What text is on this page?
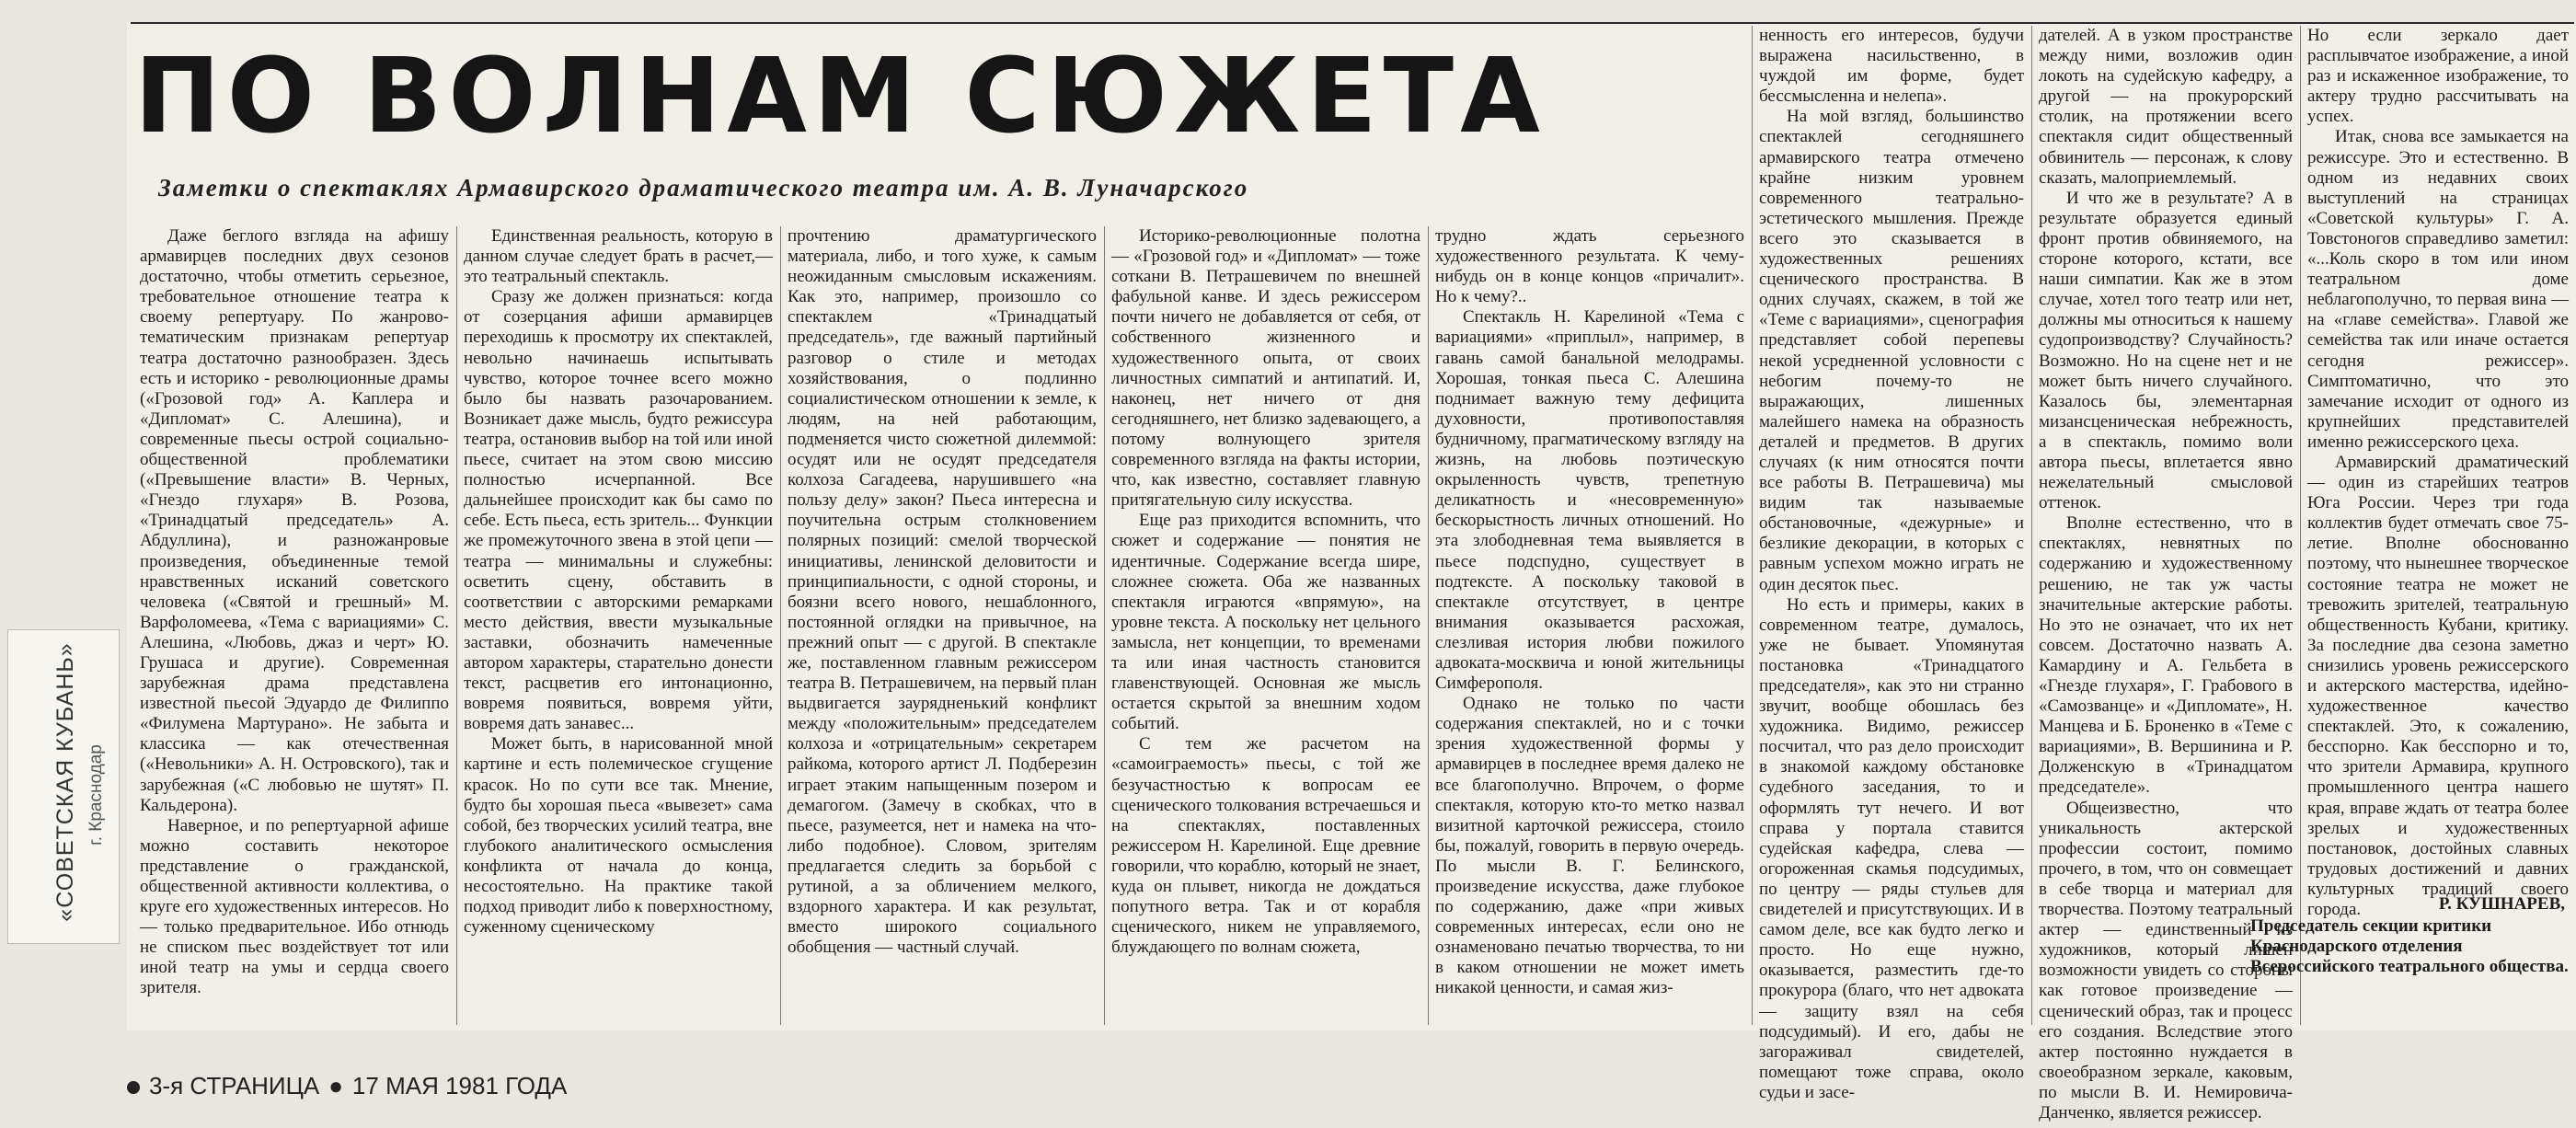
ПО ВОЛНАМ СЮЖЕТА
Заметки о спектаклях Армавирского драматического театра им. А. В. Луначарского

Даже беглого взгляда на афишу армавирцев последних двух сезонов достаточно, чтобы отметить серьезное, требовательное отношение театра к своему репертуару. По жанрово-тематическим признакам репертуар театра достаточно разнообразен. Здесь есть и историко - революционные драмы («Грозовой год» А. Каплера и «Дипломат» С. Алешина), и современные пьесы острой социально-общественной проблематики («Превышение власти» В. Черных, «Гнездо глухаря» В. Розова, «Тринадцатый председатель» А. Абдуллина), и разножанровые произведения, объединенные темой нравственных исканий советского человека («Святой и грешный» М. Варфоломеева, «Тема с вариациями» С. Алешина, «Любовь, джаз и черт» Ю. Грушаса и другие). Современная зарубежная драма представлена известной пьесой Эдуардо де Филиппо «Филумена Мартурано». Не забыта и классика — как отечественная («Невольники» А. Н. Островского), так и зарубежная («С любовью не шутят» П. Кальдерона).

Наверное, и по репертуарной афише можно составить некоторое представление о гражданской, общественной активности коллектива, о круге его художественных интересов. Но — только предварительное. Ибо отнюдь не списком пьес воздействует тот или иной театр на умы и сердца своего зрителя.

Единственная реальность, которую в данном случае следует брать в расчет,—это театральный спектакль.

Сразу же должен признаться: когда от созерцания афиши армавирцев переходишь к просмотру их спектаклей, невольно начинаешь испытывать чувство, которое точнее всего можно было бы назвать разочарованием. Возникает даже мысль, будто режиссура театра, остановив выбор на той или иной пьесе, считает на этом свою миссию полностью исчерпанной. Все дальнейшее происходит как бы само по себе. Есть пьеса, есть зритель... Функции же промежуточного звена в этой цепи — театра — минимальны и служебны: осветить сцену, обставить в соответствии с авторскими ремарками место действия, ввести музыкальные заставки, обозначить намеченные автором характеры, старательно донести текст, расцветив его интонационно, вовремя появиться, вовремя уйти, вовремя дать занавес...

Может быть, в нарисованной мной картине и есть полемическое сгущение красок. Но по сути все так. Мнение, будто бы хорошая пьеса «вывезет» сама собой, без творческих усилий театра, вне глубокого аналитического осмысления конфликта от начала до конца, несостоятельно. На практике такой подход приводит либо к поверхностному, суженному сценическому

прочтению драматургического материала, либо, и того хуже, к самым неожиданным смысловым искажениям. Как это, например, произошло со спектаклем «Тринадцатый председатель», где важный партийный разговор о стиле и методах хозяйствования, о подлинно социалистическом отношении к земле, к людям, на ней работающим, подменяется чисто сюжетной дилеммой: осудят или не осудят председателя колхоза Сагадеева, нарушившего «на пользу делу» закон? Пьеса интересна и поучительна острым столкновением полярных позиций: смелой творческой инициативы, ленинской деловитости и принципиальности, с одной стороны, и боязни всего нового, нешаблонного, постоянной оглядки на привычное, на прежний опыт — с другой. В спектакле же, поставленном главным режиссером театра В. Петрашевичем, на первый план выдвигается заурядненький конфликт между «положительным» председателем колхоза и «отрицательным» секретарем райкома, которого артист Л. Подберезин играет этаким напыщенным позером и демагогом. (Замечу в скобках, что в пьесе, разумеется, нет и намека на что-либо подобное). Словом, зрителям предлагается следить за борьбой с рутиной, а за обличением мелкого, вздорного характера. И как результат, вместо широкого социального обобщения — частный случай.

Историко-революционные полотна — «Грозовой год» и «Дипломат» — тоже соткани В. Петрашевичем по внешней фабульной канве. И здесь режиссером почти ничего не добавляется от себя, от собственного жизненного и художественного опыта, от своих личностных симпатий и антипатий. И, наконец, нет ничего от дня сегодняшнего, нет близко задевающего, а потому волнующего зрителя современного взгляда на факты истории, что, как известно, составляет главную притягательную силу искусства.

Еще раз приходится вспомнить, что сюжет и содержание — понятия не идентичные. Содержание всегда шире, сложнее сюжета. Оба же названных спектакля играются «впрямую», на уровне текста. А поскольку нет цельного замысла, нет концепции, то временами та или иная частность становится главенствующей. Основная же мысль остается скрытой за внешним ходом событий.

С тем же расчетом на «самоиграемость» пьесы, с той же безучастностью к вопросам ее сценического толкования встречаешься и на спектаклях, поставленных режиссером Н. Карелиной. Еще древние говорили, что кораблю, который не знает, куда он плывет, никогда не дождаться попутного ветра. Так и от корабля сценического, никем не управляемого, блуждающего по волнам сюжета,

трудно ждать серьезного художественного результата. К чему-нибудь он в конце концов «причалит». Но к чему?..

Спектакль Н. Карелиной «Тема с вариациями» «приплыл», например, в гавань самой банальной мелодрамы. Хорошая, тонкая пьеса С. Алешина поднимает важную тему дефицита духовности, противопоставляя будничному, прагматическому взгляду на жизнь, на любовь поэтическую окрыленность чувств, трепетную деликатность и «несовременную» бескорыстность личных отношений. Но эта злободневная тема выявляется в пьесе подспудно, существует в подтексте. А поскольку таковой в спектакле отсутствует, в центре внимания оказывается расхожая, слезливая история любви пожилого адвоката-москвича и юной жительницы Симферополя.

Однако не только по части содержания спектаклей, но и с точки зрения художественной формы у армавирцев в последнее время далеко не все благополучно. Впрочем, о форме спектакля, которую кто-то метко назвал визитной карточкой режиссера, стоило бы, пожалуй, говорить в первую очередь. По мысли В. Г. Белинского, произведение искусства, даже глубокое по содержанию, даже «при живых современных интересах, если оно не ознаменовано печатью творчества, то ни в каком отношении не может иметь никакой ценности, и самая жиз-

ненность его интересов, будучи выражена насильственно, в чуждой им форме, будет бессмысленна и нелепа».

На мой взгляд, большинство спектаклей сегодняшнего армавирского театра отмечено крайне низким уровнем современного театрально-эстетического мышления. Прежде всего это сказывается в художественных решениях сценического пространства. В одних случаях, скажем, в той же «Теме с вариациями», сценография представляет собой перепевы некой усредненной условности с небогим почему-то не выражающих, лишенных малейшего намека на образность деталей и предметов. В других случаях (к ним относятся почти все работы В. Петрашевича) мы видим так называемые обстановочные, «дежурные» и безликие декорации, в которых с равным успехом можно играть не один десяток пьес.

Но есть и примеры, каких в современном театре, думалось, уже не бывает. Упомянутая постановка «Тринадцатого председателя», как это ни странно звучит, вообще обошлась без художника. Видимо, режиссер посчитал, что раз дело происходит в знакомой каждому обстановке судебного заседания, то и оформлять тут нечего. И вот справа у портала ставится судейская кафедра, слева — огороженная скамья подсудимых, по центру — ряды стульев для свидетелей и присутствующих. И в самом деле, все как будто легко и просто. Но еще нужно, оказывается, разместить где-то прокурора (благо, что нет адвоката — защиту взял на себя подсудимый). И его, дабы не загораживал свидетелей, помещают тоже справа, около судьи и засе-

дателей. А в узком пространстве между ними, возложив один локоть на судейскую кафедру, а другой — на прокурорский столик, на протяжении всего спектакля сидит общественный обвинитель — персонаж, к слову сказать, малоприемлемый.

И что же в результате? А в результате образуется единый фронт против обвиняемого, на стороне которого, кстати, все наши симпатии. Как же в этом случае, хотел того театр или нет, должны мы относиться к нашему судопроизводству? Случайность? Возможно. Но на сцене нет и не может быть ничего случайного. Казалось бы, элементарная мизансценическая небрежность, а в спектакль, помимо воли автора пьесы, вплетается явно нежелательный смысловой оттенок.

Вполне естественно, что в спектаклях, невнятных по содержанию и художественному решению, не так уж часты значительные актерские работы. Но это не означает, что их нет совсем. Достаточно назвать А. Камардину и А. Гельбета в «Гнезде глухаря», Г. Грабового в «Самозванце» и «Дипломате», Н. Манцева и Б. Броненко в «Теме с вариациями», В. Вершинина и Р. Долженскую в «Тринадцатом председателе».

Общеизвестно, что уникальность актерской профессии состоит, помимо прочего, в том, что он совмещает в себе творца и материал для творчества. Поэтому театральный актер — единственный из художников, который лишен возможности увидеть со стороны как готовое произведение — сценический образ, так и процесс его создания. Вследствие этого актер постоянно нуждается в своеобразном зеркале, каковым, по мысли В. И. Немировича-Данченко, является режиссер.

Но если зеркало дает расплывчатое изображение, а иной раз и искаженное изображение, то актеру трудно рассчитывать на успех.

Итак, снова все замыкается на режиссуре. Это и естественно. В одном из недавних своих выступлений на страницах «Советской культуры» Г. А. Товстоногов справедливо заметил: «...Коль скоро в том или ином театральном доме неблагополучно, то первая вина — на «главе семейства». Главой же семейства так или иначе остается сегодня режиссер». Симптоматично, что это замечание исходит от одного из крупнейших представителей именно режиссерского цеха.

Армавирский драматический — один из старейших театров Юга России. Через три года коллектив будет отмечать свое 75-летие. Вполне обоснованно поэтому, что нынешнее творческое состояние театра не может не тревожить зрителей, театральную общественность Кубани, критику. За последние два сезона заметно снизились уровень режиссерского и актерского мастерства, идейно-художественное качество спектаклей. Это, к сожалению, бесспорно. Как бесспорно и то, что зрители Армавира, крупного промышленного центра нашего края, вправе ждать от театра более зрелых и художественных постановок, достойных славных трудовых достижений и давних культурных традиций своего города.	Р. КУШНАРЕВ,
Председатель секции критики Краснодарского отделения Всероссийского театрального общества.
«СОВЕТСКАЯ КУБАНЬ» г. Краснодар
3-я СТРАНИЦА ● 17 МАЯ 1981 ГОДА
